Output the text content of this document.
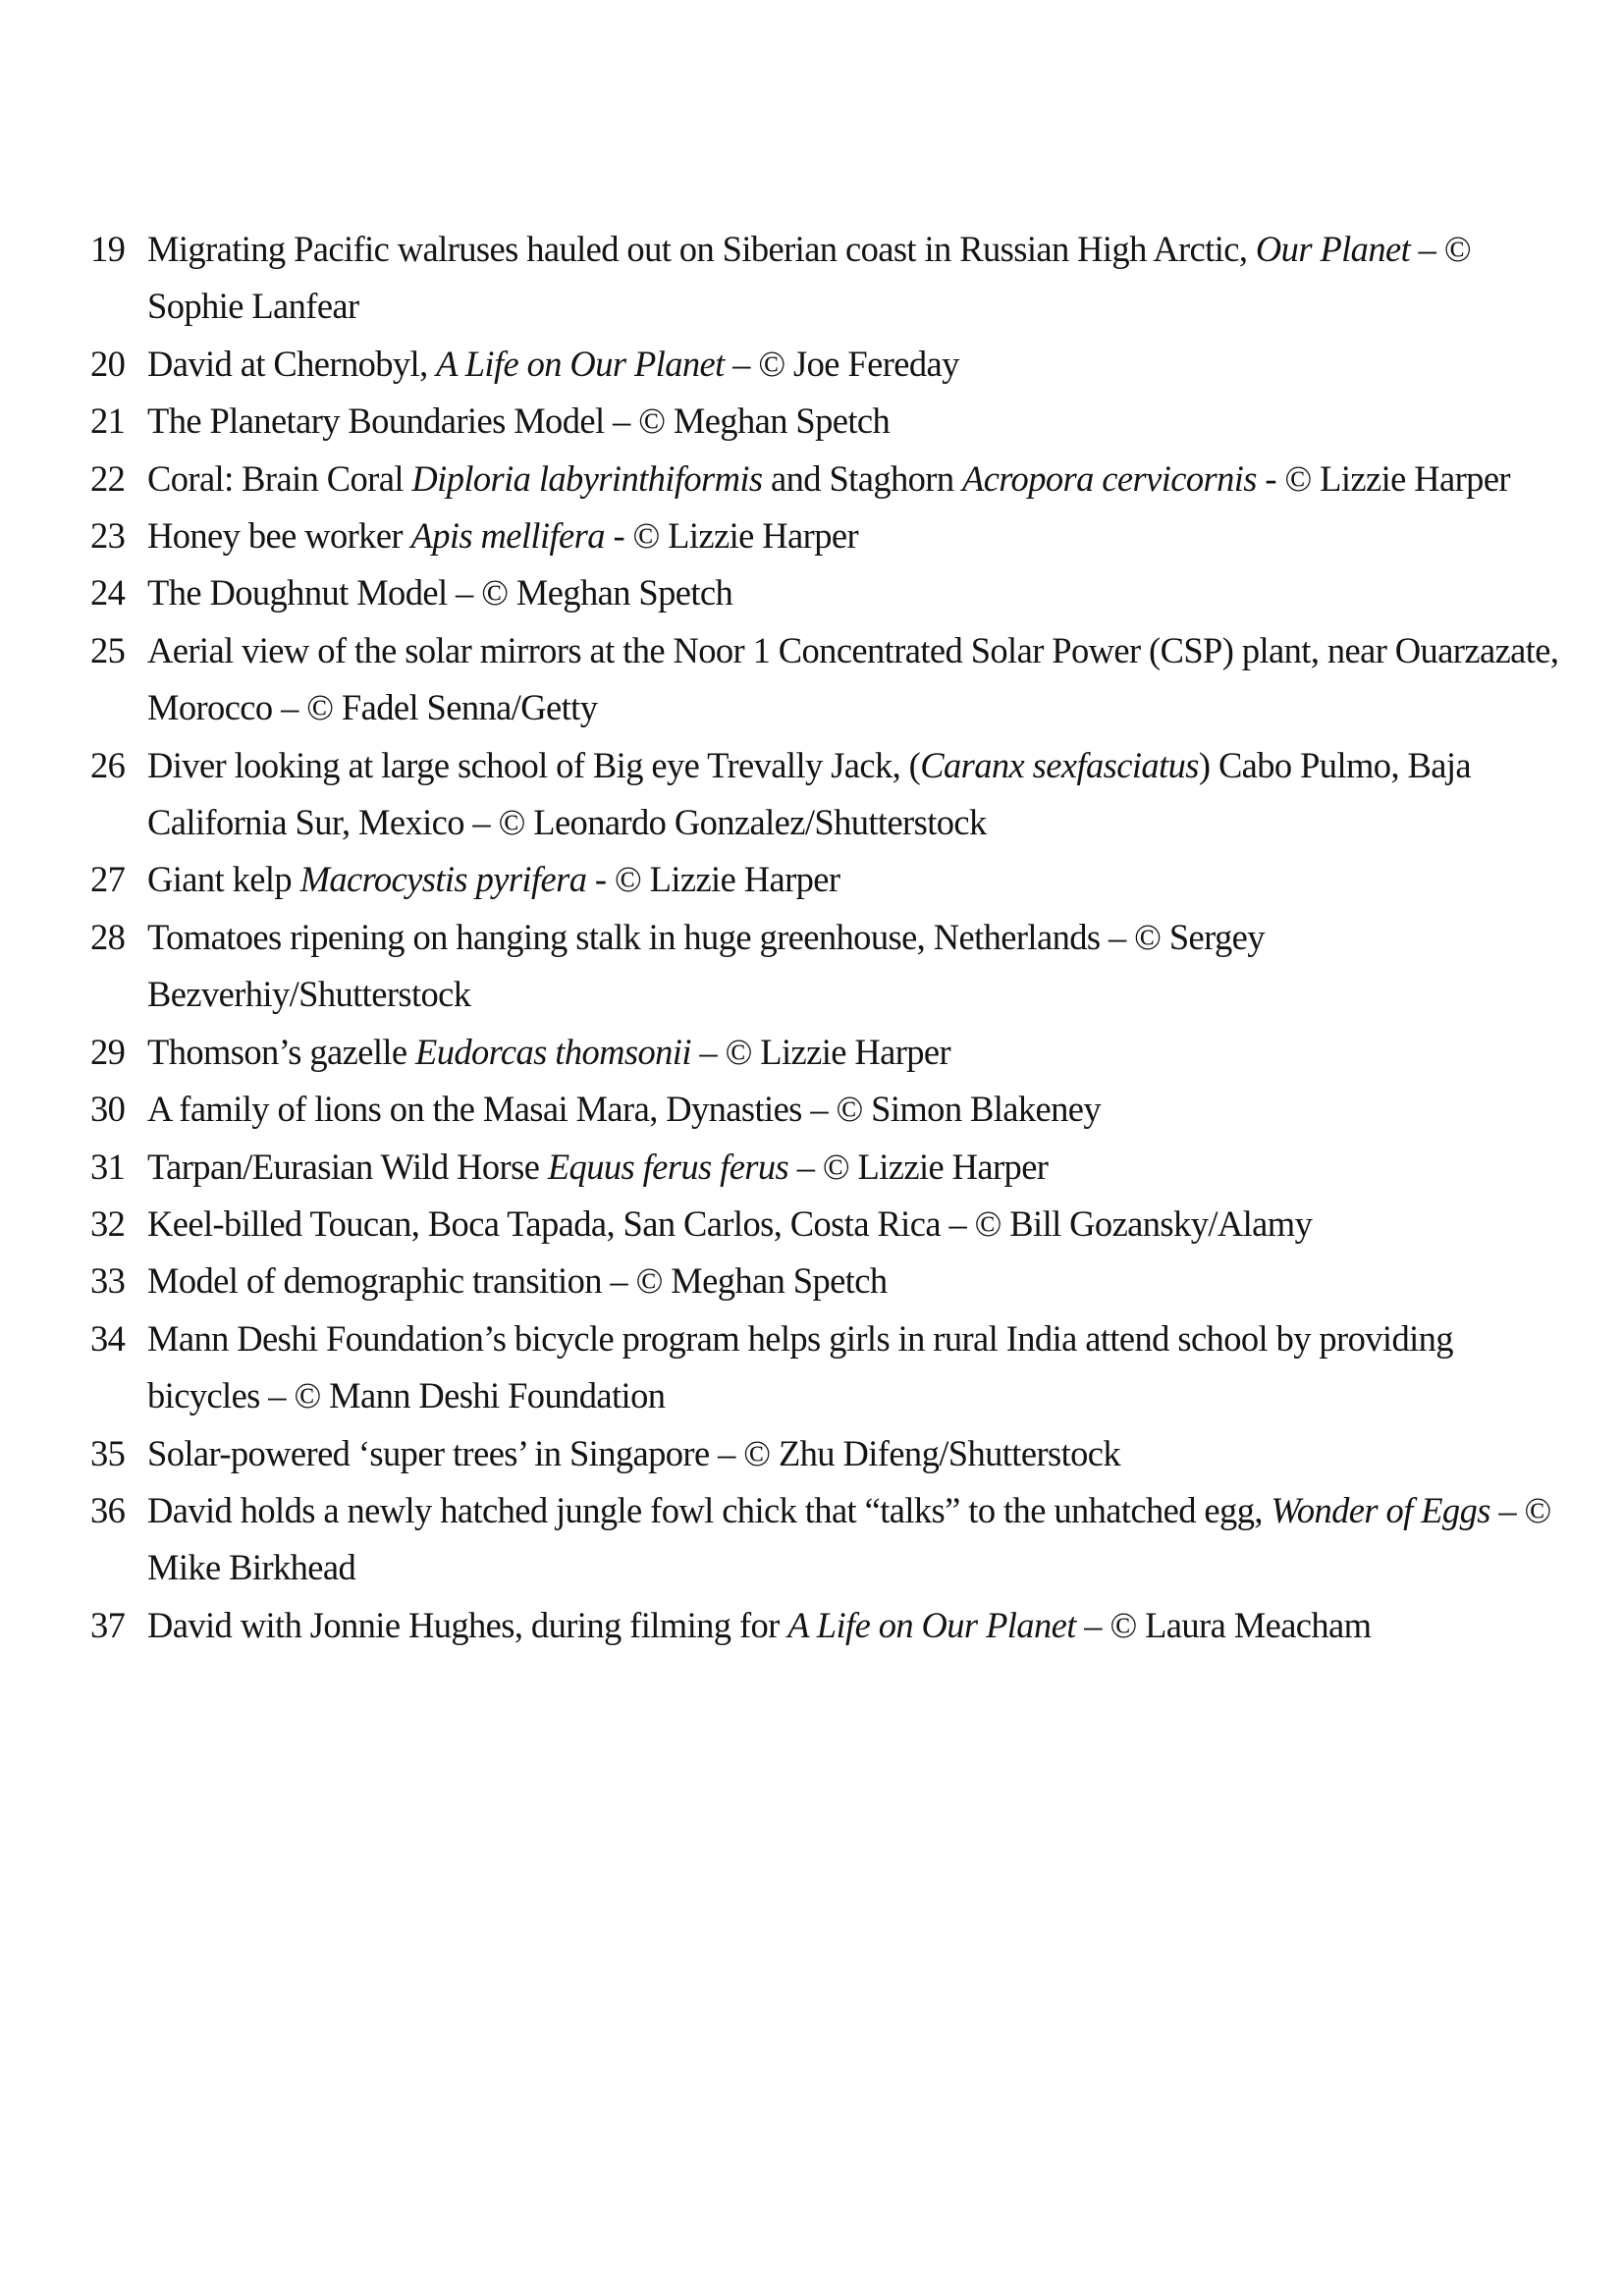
19 Migrating Pacific walruses hauled out on Siberian coast in Russian High Arctic, Our Planet – © Sophie Lanfear
20 David at Chernobyl, A Life on Our Planet – © Joe Fereday
21 The Planetary Boundaries Model – © Meghan Spetch
22 Coral: Brain Coral Diploria labyrinthiformis and Staghorn Acropora cervicornis - © Lizzie Harper
23 Honey bee worker Apis mellifera - © Lizzie Harper
24 The Doughnut Model – © Meghan Spetch
25 Aerial view of the solar mirrors at the Noor 1 Concentrated Solar Power (CSP) plant, near Ouarzazate, Morocco – © Fadel Senna/Getty
26 Diver looking at large school of Big eye Trevally Jack, (Caranx sexfasciatus) Cabo Pulmo, Baja California Sur, Mexico – © Leonardo Gonzalez/Shutterstock
27 Giant kelp Macrocystis pyrifera - © Lizzie Harper
28 Tomatoes ripening on hanging stalk in huge greenhouse, Netherlands – © Sergey Bezverhiy/Shutterstock
29 Thomson’s gazelle Eudorcas thomsonii – © Lizzie Harper
30 A family of lions on the Masai Mara, Dynasties – © Simon Blakeney
31 Tarpan/Eurasian Wild Horse Equus ferus ferus – © Lizzie Harper
32 Keel-billed Toucan, Boca Tapada, San Carlos, Costa Rica – © Bill Gozansky/Alamy
33 Model of demographic transition – © Meghan Spetch
34 Mann Deshi Foundation’s bicycle program helps girls in rural India attend school by providing bicycles – © Mann Deshi Foundation
35 Solar-powered ‘super trees’ in Singapore – © Zhu Difeng/Shutterstock
36 David holds a newly hatched jungle fowl chick that “talks” to the unhatched egg, Wonder of Eggs – © Mike Birkhead
37 David with Jonnie Hughes, during filming for A Life on Our Planet – © Laura Meacham
